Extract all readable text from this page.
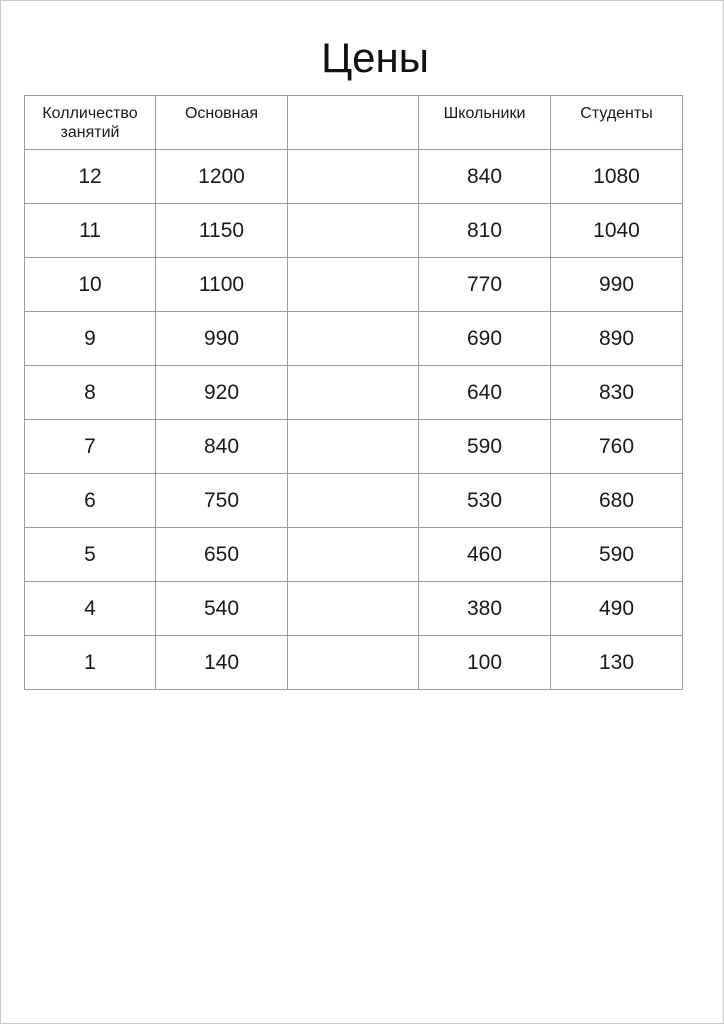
Цены
Колличество занятий	Основная		Школьники	Студенты
12	1200		840	1080
11	1150		810	1040
10	1100		770	990
9	990		690	890
8	920		640	830
7	840		590	760
6	750		530	680
5	650		460	590
4	540		380	490
1	140		100	130
